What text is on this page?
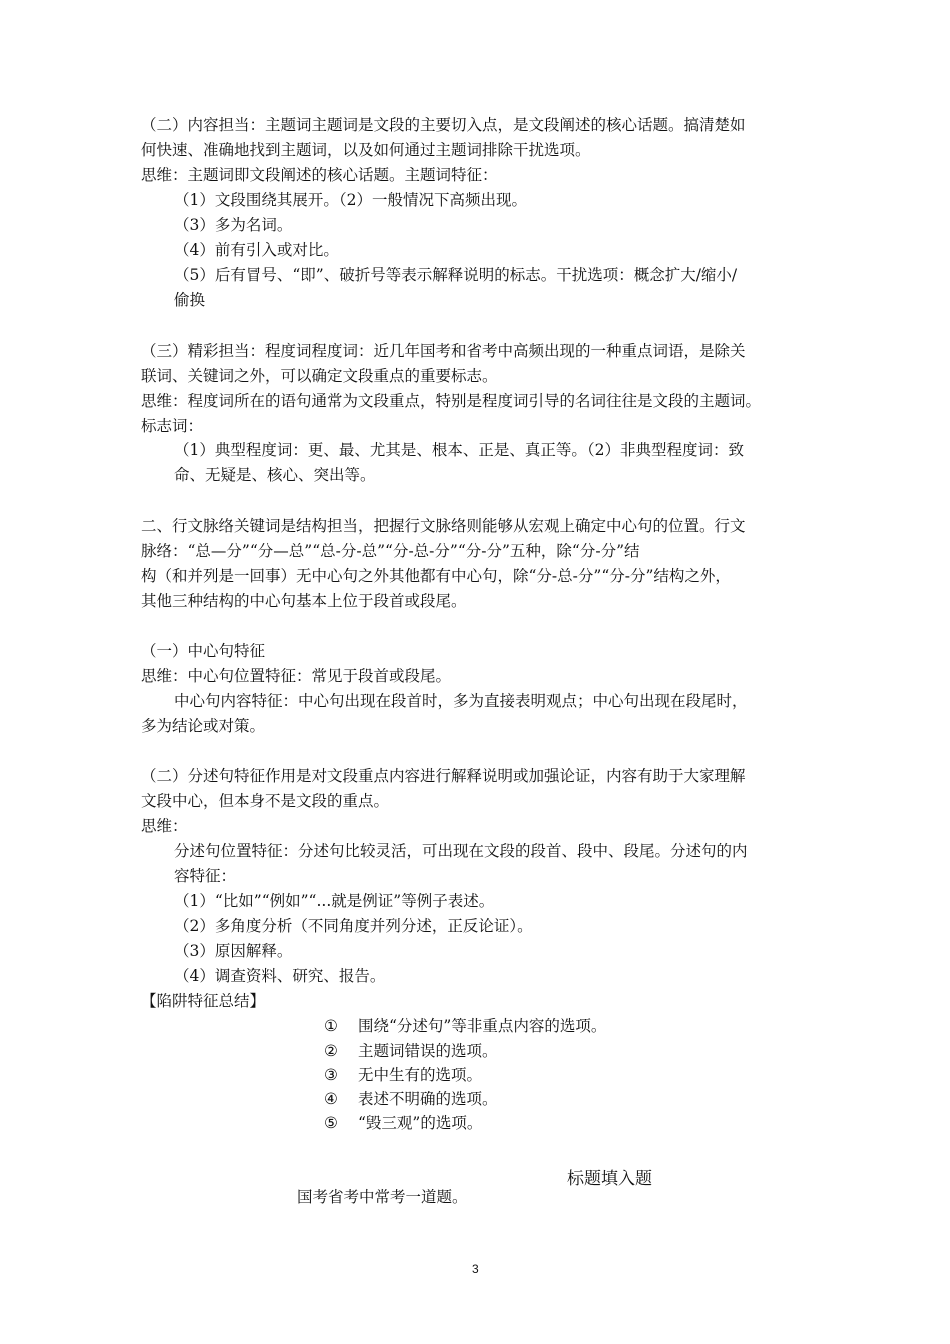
（二）内容担当：主题词主题词是文段的主要切入点，是文段阐述的核心话题。搞清楚如
何快速、准确地找到主题词，以及如何通过主题词排除干扰选项。
思维：主题词即文段阐述的核心话题。主题词特征：
（1）文段围绕其展开。（2）一般情况下高频出现。
（3）多为名词。
（4）前有引入或对比。
（5）后有冒号、“即”、破折号等表示解释说明的标志。干扰选项：概念扩大/缩小/
偷换
（三）精彩担当：程度词程度词：近几年国考和省考中高频出现的一种重点词语，是除关
联词、关键词之外，可以确定文段重点的重要标志。
思维：程度词所在的语句通常为文段重点，特别是程度词引导的名词往往是文段的主题词。
标志词：
（1）典型程度词：更、最、尤其是、根本、正是、真正等。（2）非典型程度词：致
命、无疑是、核心、突出等。
二、行文脉络关键词是结构担当，把握行文脉络则能够从宏观上确定中心句的位置。行文
脉络：“总—分”“分—总”“总-分-总”“分-总-分”“分-分”五种，除“分-分”结
构（和并列是一回事）无中心句之外其他都有中心句，除“分-总-分”“分-分”结构之外，
其他三种结构的中心句基本上位于段首或段尾。
（一）中心句特征
思维：中心句位置特征：常见于段首或段尾。
中心句内容特征：中心句出现在段首时，多为直接表明观点；中心句出现在段尾时，
多为结论或对策。
（二）分述句特征作用是对文段重点内容进行解释说明或加强论证，内容有助于大家理解
文段中心，但本身不是文段的重点。
思维：
分述句位置特征：分述句比较灵活，可出现在文段的段首、段中、段尾。分述句的内
容特征：
（1）“比如”“例如”“...就是例证”等例子表述。
（2）多角度分析（不同角度并列分述，正反论证）。
（3）原因解释。
（4）调查资料、研究、报告。
【陷阱特征总结】
① 围绕“分述句”等非重点内容的选项。
② 主题词错误的选项。
③ 无中生有的选项。
④ 表述不明确的选项。
⑤ “毁三观”的选项。
标题填入题
国考省考中常考一道题。
3
